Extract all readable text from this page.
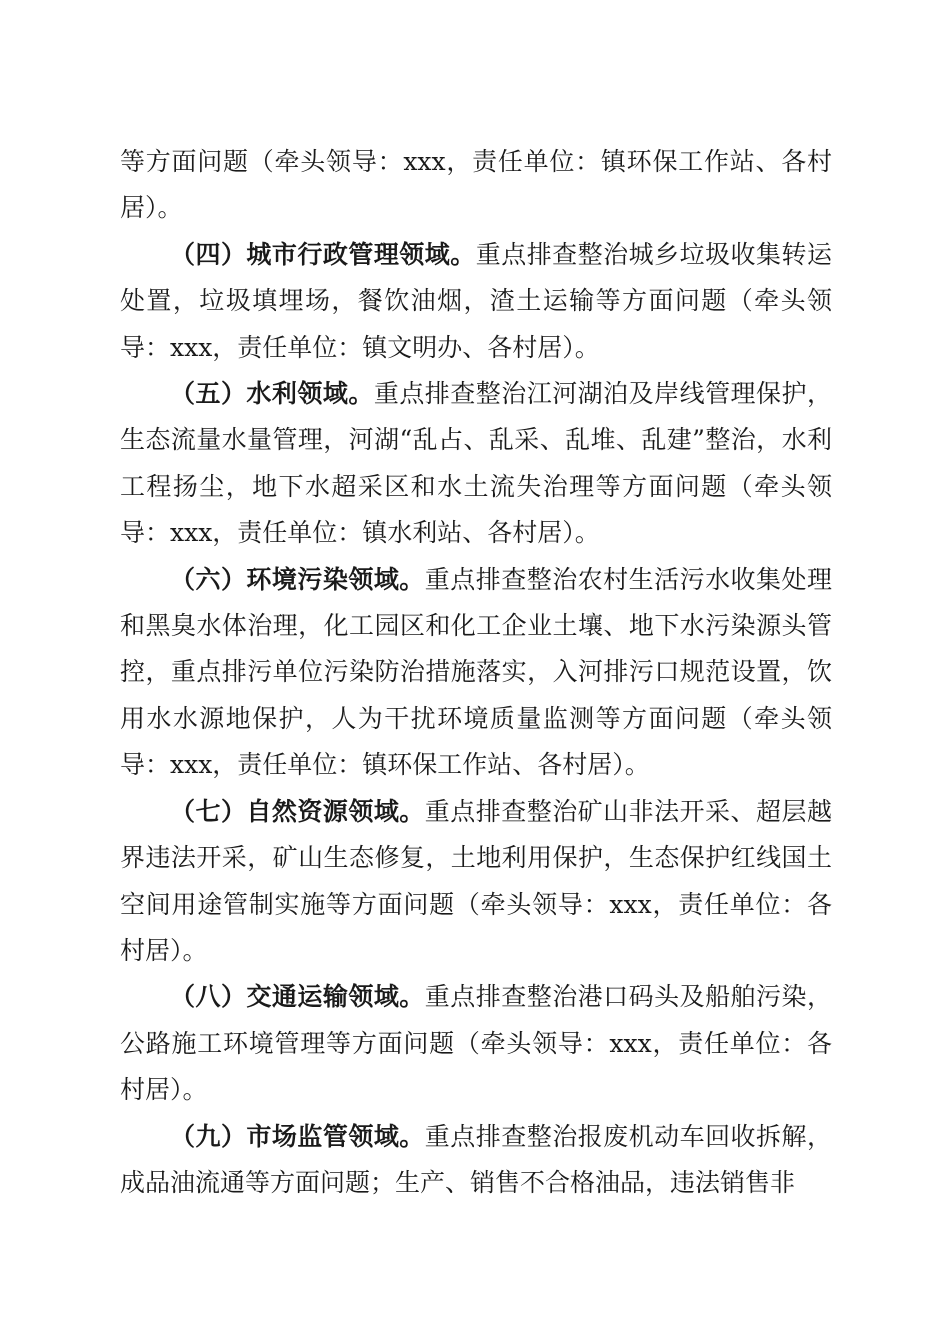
等方面问题（牵头领导：xxx，责任单位：镇环保工作站、各村居）。

（四）城市行政管理领域。重点排查整治城乡垃圾收集转运处置，垃圾填埋场，餐饮油烟，渣土运输等方面问题（牵头领导：xxx，责任单位：镇文明办、各村居）。

（五）水利领域。重点排查整治江河湖泊及岸线管理保护，生态流量水量管理，河湖“乱占、乱采、乱堆、乱建”整治，水利工程扬尘，地下水超采区和水土流失治理等方面问题（牵头领导：xxx，责任单位：镇水利站、各村居）。

（六）环境污染领域。重点排查整治农村生活污水收集处理和黑臭水体治理，化工园区和化工企业土壤、地下水污染源头管控，重点排污单位污染防治措施落实，入河排污口规范设置，饮用水水源地保护，人为干扰环境质量监测等方面问题（牵头领导：xxx，责任单位：镇环保工作站、各村居）。

（七）自然资源领域。重点排查整治矿山非法开采、超层越界违法开采，矿山生态修复，土地利用保护，生态保护红线国土空间用途管制实施等方面问题（牵头领导：xxx，责任单位：各村居）。

（八）交通运输领域。重点排查整治港口码头及船舶污染，公路施工环境管理等方面问题（牵头领导：xxx，责任单位：各村居）。

（九）市场监管领域。重点排查整治报废机动车回收拆解，成品油流通等方面问题；生产、销售不合格油品，违法销售非
